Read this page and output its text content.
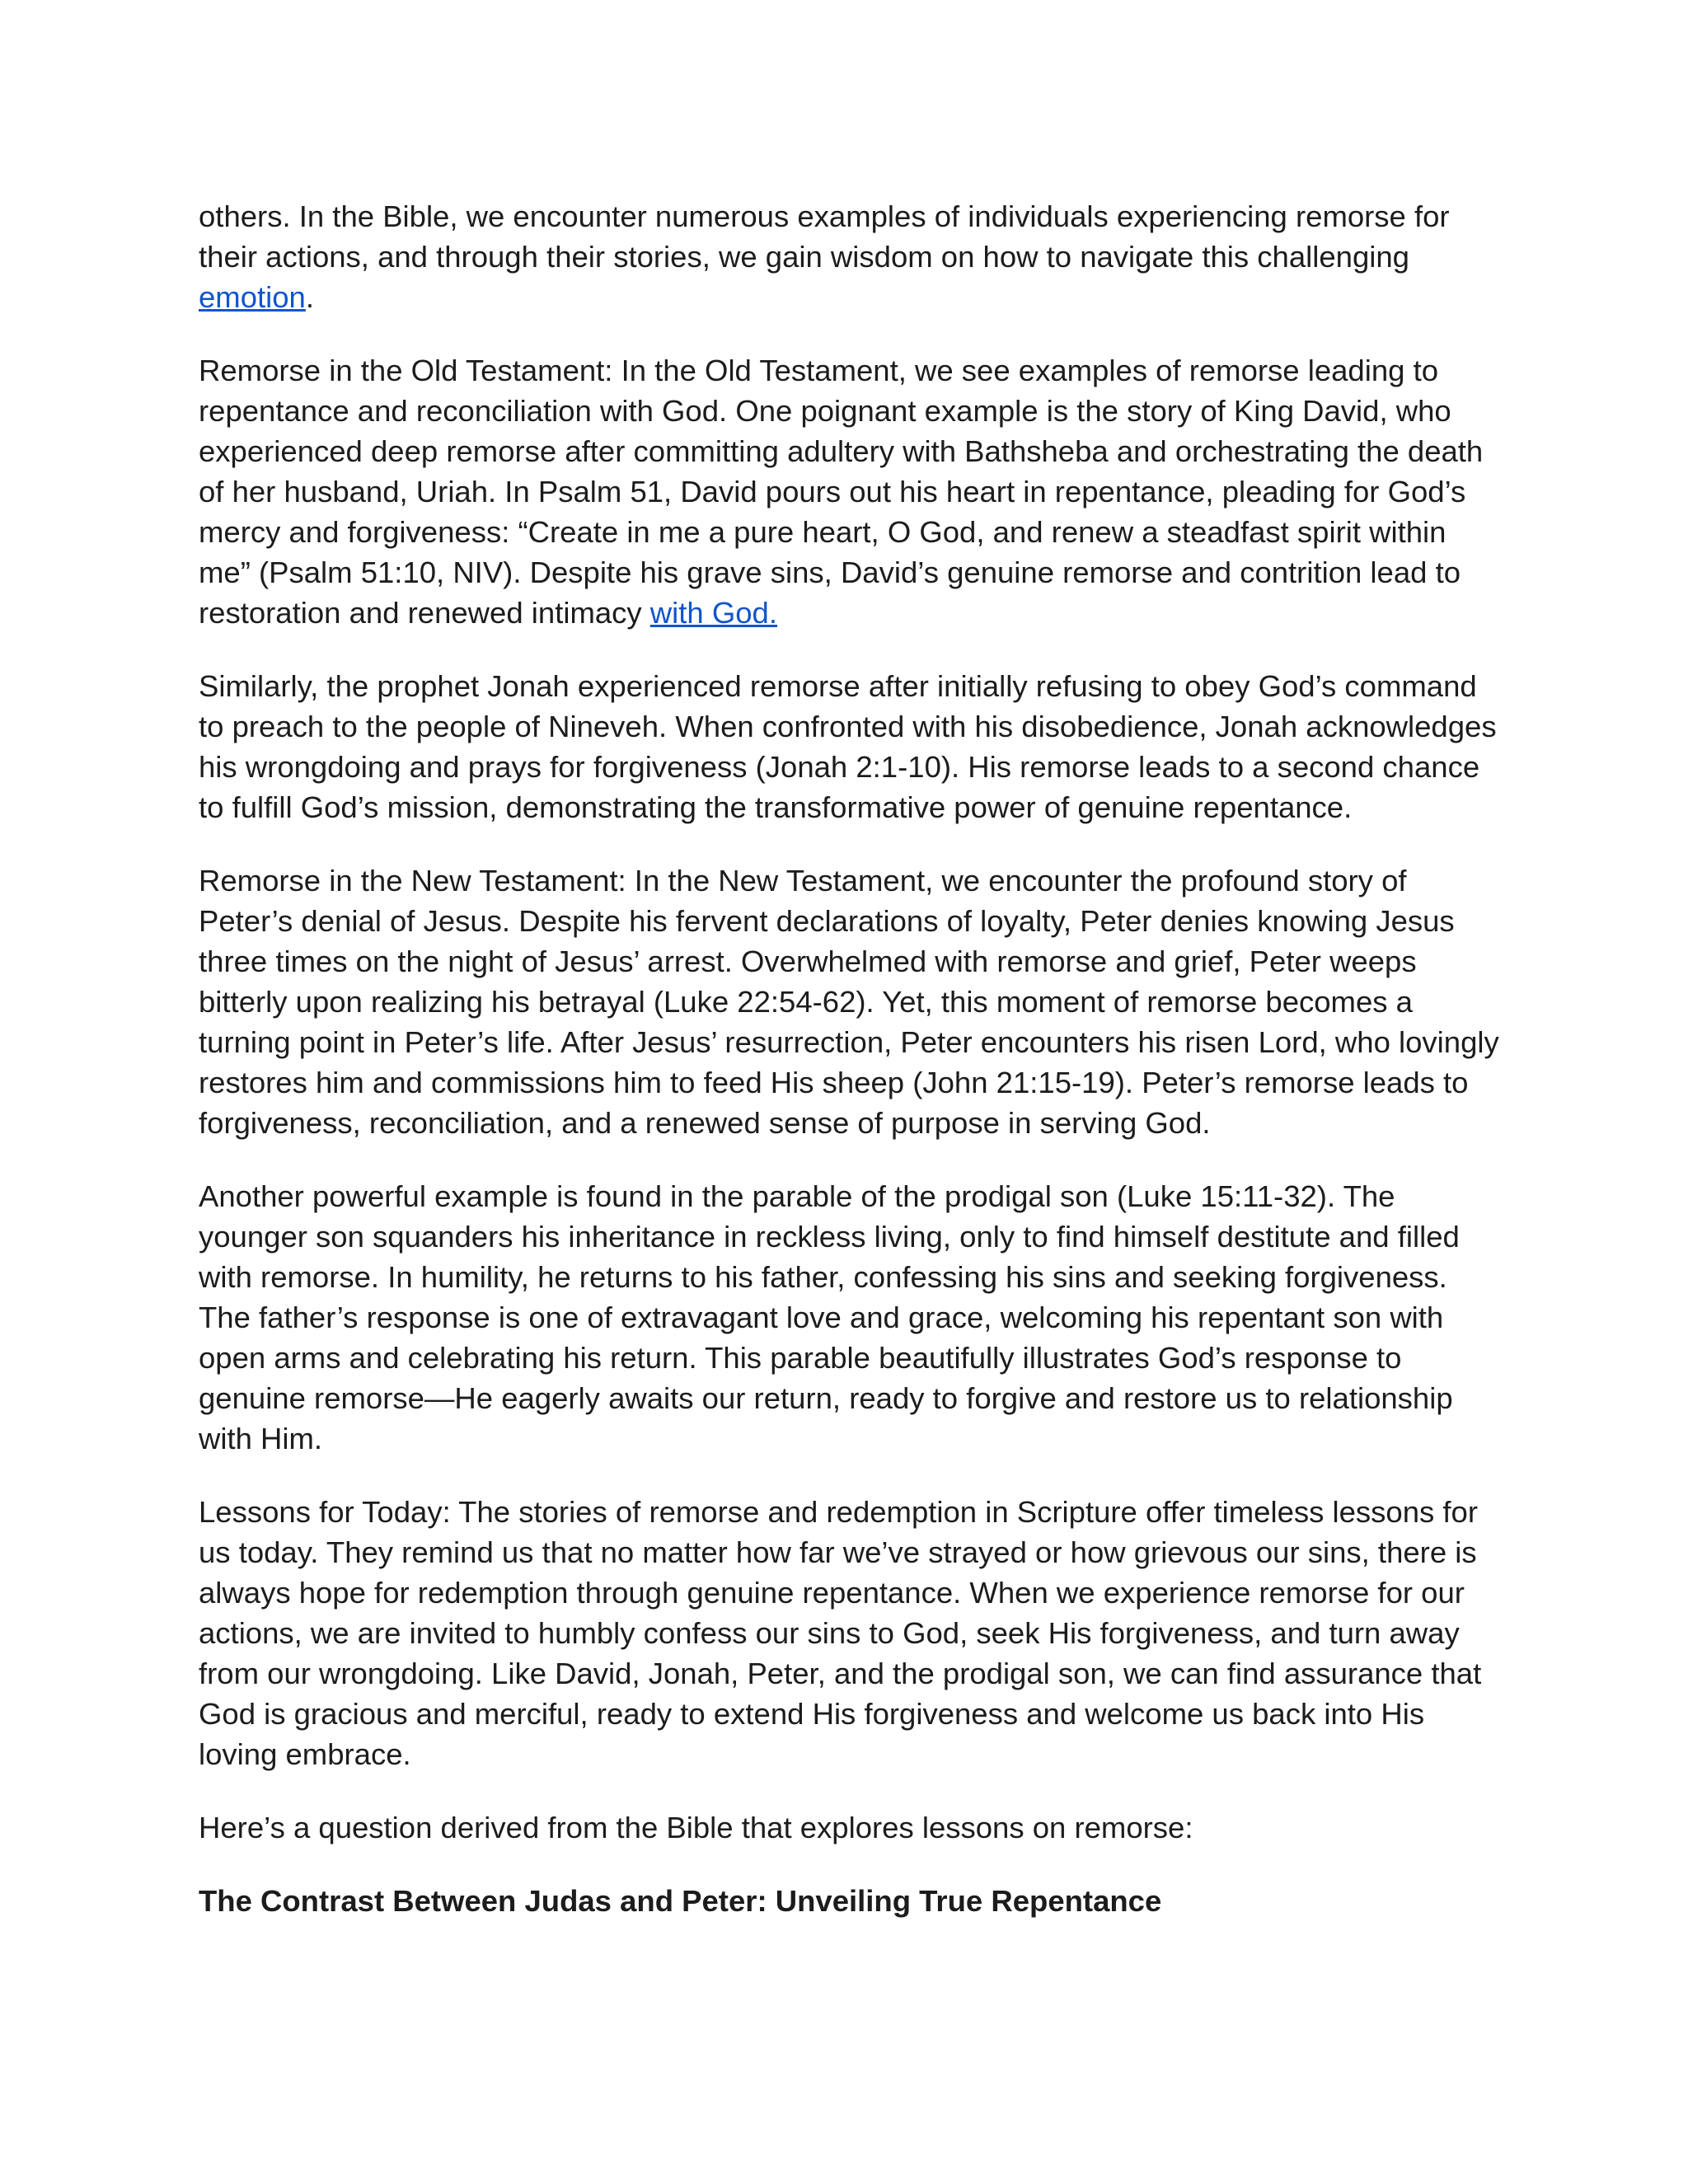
others. In the Bible, we encounter numerous examples of individuals experiencing remorse for their actions, and through their stories, we gain wisdom on how to navigate this challenging emotion.

Remorse in the Old Testament: In the Old Testament, we see examples of remorse leading to repentance and reconciliation with God. One poignant example is the story of King David, who experienced deep remorse after committing adultery with Bathsheba and orchestrating the death of her husband, Uriah. In Psalm 51, David pours out his heart in repentance, pleading for God’s mercy and forgiveness: “Create in me a pure heart, O God, and renew a steadfast spirit within me” (Psalm 51:10, NIV). Despite his grave sins, David’s genuine remorse and contrition lead to restoration and renewed intimacy with God.

Similarly, the prophet Jonah experienced remorse after initially refusing to obey God’s command to preach to the people of Nineveh. When confronted with his disobedience, Jonah acknowledges his wrongdoing and prays for forgiveness (Jonah 2:1-10). His remorse leads to a second chance to fulfill God’s mission, demonstrating the transformative power of genuine repentance.

Remorse in the New Testament: In the New Testament, we encounter the profound story of Peter’s denial of Jesus. Despite his fervent declarations of loyalty, Peter denies knowing Jesus three times on the night of Jesus’ arrest. Overwhelmed with remorse and grief, Peter weeps bitterly upon realizing his betrayal (Luke 22:54-62). Yet, this moment of remorse becomes a turning point in Peter’s life. After Jesus’ resurrection, Peter encounters his risen Lord, who lovingly restores him and commissions him to feed His sheep (John 21:15-19). Peter’s remorse leads to forgiveness, reconciliation, and a renewed sense of purpose in serving God.

Another powerful example is found in the parable of the prodigal son (Luke 15:11-32). The younger son squanders his inheritance in reckless living, only to find himself destitute and filled with remorse. In humility, he returns to his father, confessing his sins and seeking forgiveness. The father’s response is one of extravagant love and grace, welcoming his repentant son with open arms and celebrating his return. This parable beautifully illustrates God’s response to genuine remorse—He eagerly awaits our return, ready to forgive and restore us to relationship with Him.

Lessons for Today: The stories of remorse and redemption in Scripture offer timeless lessons for us today. They remind us that no matter how far we’ve strayed or how grievous our sins, there is always hope for redemption through genuine repentance. When we experience remorse for our actions, we are invited to humbly confess our sins to God, seek His forgiveness, and turn away from our wrongdoing. Like David, Jonah, Peter, and the prodigal son, we can find assurance that God is gracious and merciful, ready to extend His forgiveness and welcome us back into His loving embrace.

Here’s a question derived from the Bible that explores lessons on remorse:

The Contrast Between Judas and Peter: Unveiling True Repentance
